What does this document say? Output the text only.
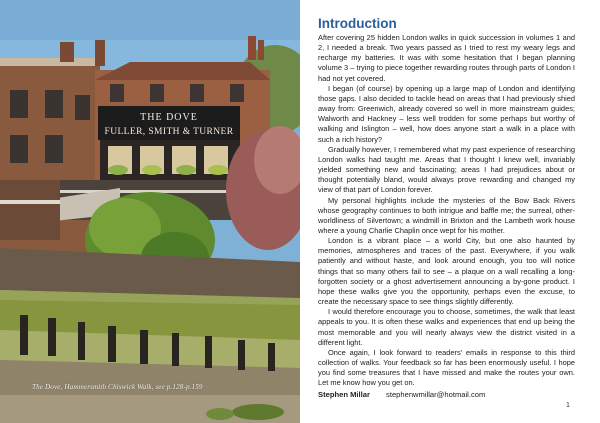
THE DOVE
FULLER, SMITH & TURNER
The Dove, Hammersmith Chiswick Walk, see p.128-p.159
Introduction

After covering 25 hidden London walks in quick succession in volumes 1 and 2, I needed a break. Two years passed as I tried to rest my weary legs and recharge my batteries. It was with some hesitation that I began planning volume 3 – trying to piece together rewarding routes through parts of London I had not yet covered.

I began (of course) by opening up a large map of London and identifying those gaps. I also decided to tackle head on areas that I had previously shied away from: Greenwich, already covered so well in more mainstream guides; Walworth and Hackney – less well trodden for some perhaps but worthy of walking and Islington – well, how does anyone start a walk in a place with such a rich history?

Gradually however, I remembered what my past experience of researching London walks had taught me. Areas that I thought I knew well, invariably yielded something new and fascinating; areas I had prejudices about or thought potentially bland, would always prove rewarding and changed my view of that part of London forever.

My personal highlights include the mysteries of the Bow Back Rivers whose geography continues to both intrigue and baffle me; the surreal, other-worldliness of Silvertown; a windmill in Brixton and the Lambeth work house where a young Charlie Chaplin once wept for his mother.

London is a vibrant place – a world City, but one also haunted by memories, atmospheres and traces of the past. Everywhere, if you walk patiently and without haste, and look around enough, you too will notice things that so many others fail to see – a plaque on a wall recalling a long-forgotten society or a ghost advertisement announcing a by-gone product. I hope these walks give you the opportunity, perhaps even the excuse, to create the necessary space to see things slightly differently.

I would therefore encourage you to choose, sometimes, the walk that least appeals to you. It is often these walks and experiences that end up being the most memorable and you will nearly always view the district visited in a different light.

Once again, I look forward to readers' emails in response to this third collection of walks. Your feedback so far has been enormously useful. I hope you find some treasures that I have missed and make the routes your own. Let me know how you get on.

Stephen Millar stephenwmillar@hotmail.com
1
